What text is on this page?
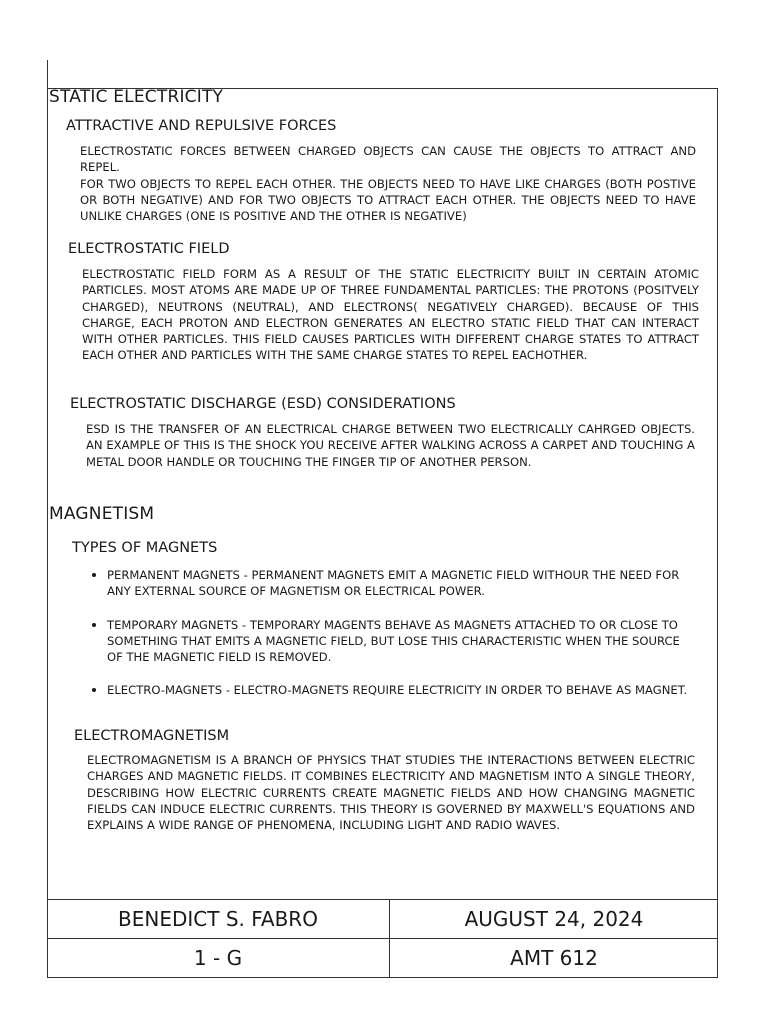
STATIC ELECTRICITY
ATTRACTIVE AND REPULSIVE FORCES
ELECTROSTATIC FORCES BETWEEN CHARGED OBJECTS CAN CAUSE THE OBJECTS TO ATTRACT AND REPEL.
FOR TWO OBJECTS TO REPEL EACH OTHER. THE OBJECTS NEED TO HAVE LIKE CHARGES (BOTH POSTIVE OR BOTH NEGATIVE) AND FOR TWO OBJECTS TO ATTRACT EACH OTHER. THE OBJECTS NEED TO HAVE UNLIKE CHARGES (ONE IS POSITIVE AND THE OTHER IS NEGATIVE)
ELECTROSTATIC FIELD
ELECTROSTATIC FIELD FORM AS A RESULT OF THE STATIC ELECTRICITY BUILT IN CERTAIN ATOMIC PARTICLES. MOST ATOMS ARE MADE UP OF THREE FUNDAMENTAL PARTICLES: THE PROTONS (POSITVELY CHARGED), NEUTRONS (NEUTRAL), AND ELECTRONS( NEGATIVELY CHARGED). BECAUSE OF THIS CHARGE, EACH PROTON AND ELECTRON GENERATES AN ELECTRO STATIC FIELD THAT CAN INTERACT WITH OTHER PARTICLES. THIS FIELD CAUSES PARTICLES WITH DIFFERENT CHARGE STATES TO ATTRACT EACH OTHER AND PARTICLES WITH THE SAME CHARGE STATES TO REPEL EACHOTHER.
ELECTROSTATIC DISCHARGE (ESD) CONSIDERATIONS
ESD IS THE TRANSFER OF AN ELECTRICAL CHARGE BETWEEN TWO ELECTRICALLY CAHRGED OBJECTS. AN EXAMPLE OF THIS IS THE SHOCK YOU RECEIVE AFTER WALKING ACROSS A CARPET AND TOUCHING A METAL DOOR HANDLE OR TOUCHING THE FINGER TIP OF ANOTHER PERSON.
MAGNETISM
TYPES OF MAGNETS
PERMANENT MAGNETS - PERMANENT MAGNETS EMIT A MAGNETIC FIELD WITHOUR THE NEED FOR ANY EXTERNAL SOURCE OF MAGNETISM OR ELECTRICAL POWER.
TEMPORARY MAGNETS - TEMPORARY MAGENTS BEHAVE AS MAGNETS ATTACHED TO OR CLOSE TO SOMETHING THAT EMITS A MAGNETIC FIELD, BUT LOSE THIS CHARACTERISTIC WHEN THE SOURCE OF THE MAGNETIC FIELD IS REMOVED.
ELECTRO-MAGNETS - ELECTRO-MAGNETS REQUIRE ELECTRICITY IN ORDER TO BEHAVE AS MAGNET.
ELECTROMAGNETISM
ELECTROMAGNETISM IS A BRANCH OF PHYSICS THAT STUDIES THE INTERACTIONS BETWEEN ELECTRIC CHARGES AND MAGNETIC FIELDS. IT COMBINES ELECTRICITY AND MAGNETISM INTO A SINGLE THEORY, DESCRIBING HOW ELECTRIC CURRENTS CREATE MAGNETIC FIELDS AND HOW CHANGING MAGNETIC FIELDS CAN INDUCE ELECTRIC CURRENTS. THIS THEORY IS GOVERNED BY MAXWELL'S EQUATIONS AND EXPLAINS A WIDE RANGE OF PHENOMENA, INCLUDING LIGHT AND RADIO WAVES.
BENEDICT S. FABRO	AUGUST 24, 2024
1 - G	AMT 612
